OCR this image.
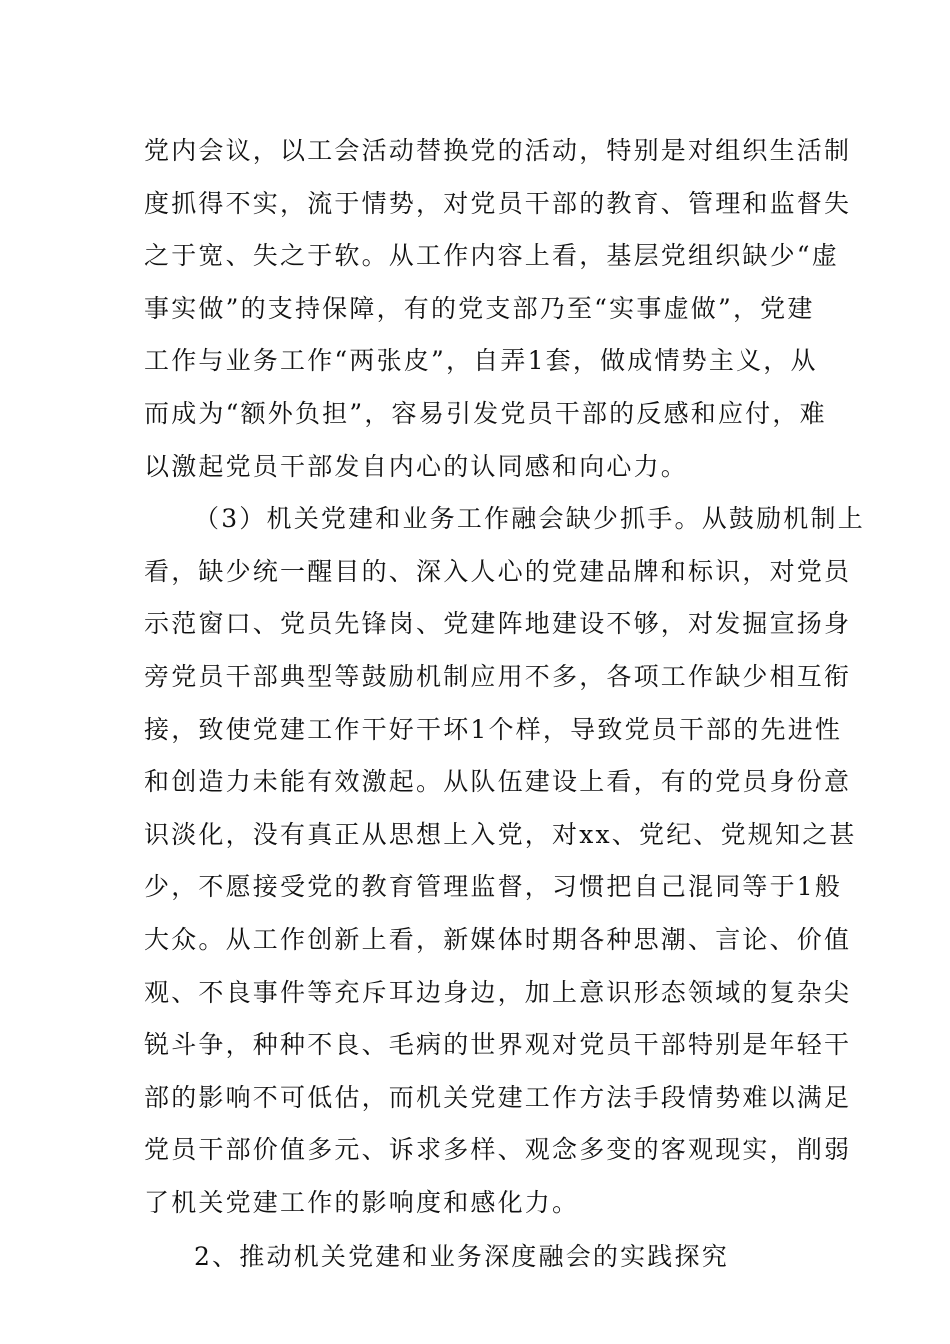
党内会议，以工会活动替换党的活动，特别是对组织生活制
度抓得不实，流于情势，对党员干部的教育、管理和监督失
之于宽、失之于软。从工作内容上看，基层党组织缺少“虚
事实做”的支持保障，有的党支部乃至“实事虚做”，党建
工作与业务工作“两张皮”，自弄1套，做成情势主义，从
而成为“额外负担”，容易引发党员干部的反感和应付，难
以激起党员干部发自内心的认同感和向心力。
（3）机关党建和业务工作融会缺少抓手。从鼓励机制上
看，缺少统一醒目的、深入人心的党建品牌和标识，对党员
示范窗口、党员先锋岗、党建阵地建设不够，对发掘宣扬身
旁党员干部典型等鼓励机制应用不多，各项工作缺少相互衔
接，致使党建工作干好干坏1个样，导致党员干部的先进性
和创造力未能有效激起。从队伍建设上看，有的党员身份意
识淡化，没有真正从思想上入党，对xx、党纪、党规知之甚
少，不愿接受党的教育管理监督，习惯把自己混同等于1般
大众。从工作创新上看，新媒体时期各种思潮、言论、价值
观、不良事件等充斥耳边身边，加上意识形态领域的复杂尖
锐斗争，种种不良、毛病的世界观对党员干部特别是年轻干
部的影响不可低估，而机关党建工作方法手段情势难以满足
党员干部价值多元、诉求多样、观念多变的客观现实，削弱
了机关党建工作的影响度和感化力。
2、推动机关党建和业务深度融会的实践探究
